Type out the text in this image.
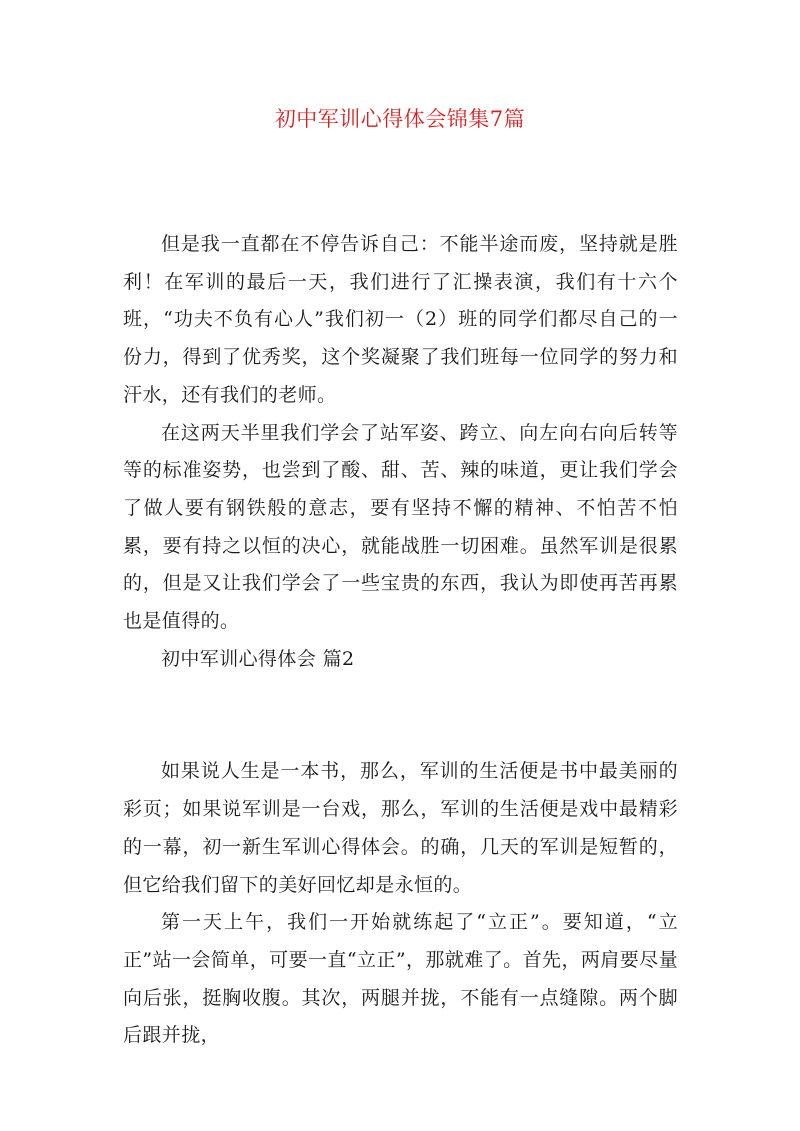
初中军训心得体会锦集7篇

但是我一直都在不停告诉自己：不能半途而废，坚持就是胜利！在军训的最后一天，我们进行了汇操表演，我们有十六个班，“功夫不负有心人”我们初一（2）班的同学们都尽自己的一份力，得到了优秀奖，这个奖凝聚了我们班每一位同学的努力和汗水，还有我们的老师。

在这两天半里我们学会了站军姿、跨立、向左向右向后转等等的标准姿势，也尝到了酸、甜、苦、辣的味道，更让我们学会了做人要有钢铁般的意志，要有坚持不懈的精神、不怕苦不怕累，要有持之以恒的决心，就能战胜一切困难。虽然军训是很累的，但是又让我们学会了一些宝贵的东西，我认为即使再苦再累也是值得的。

初中军训心得体会 篇2

如果说人生是一本书，那么，军训的生活便是书中最美丽的彩页；如果说军训是一台戏，那么，军训的生活便是戏中最精彩的一幕，初一新生军训心得体会。的确，几天的军训是短暂的，但它给我们留下的美好回忆却是永恒的。

第一天上午，我们一开始就练起了“立正”。要知道，“立正”站一会简单，可要一直“立正”，那就难了。首先，两肩要尽量向后张，挺胸收腹。其次，两腿并拢，不能有一点缝隙。两个脚后跟并拢，
